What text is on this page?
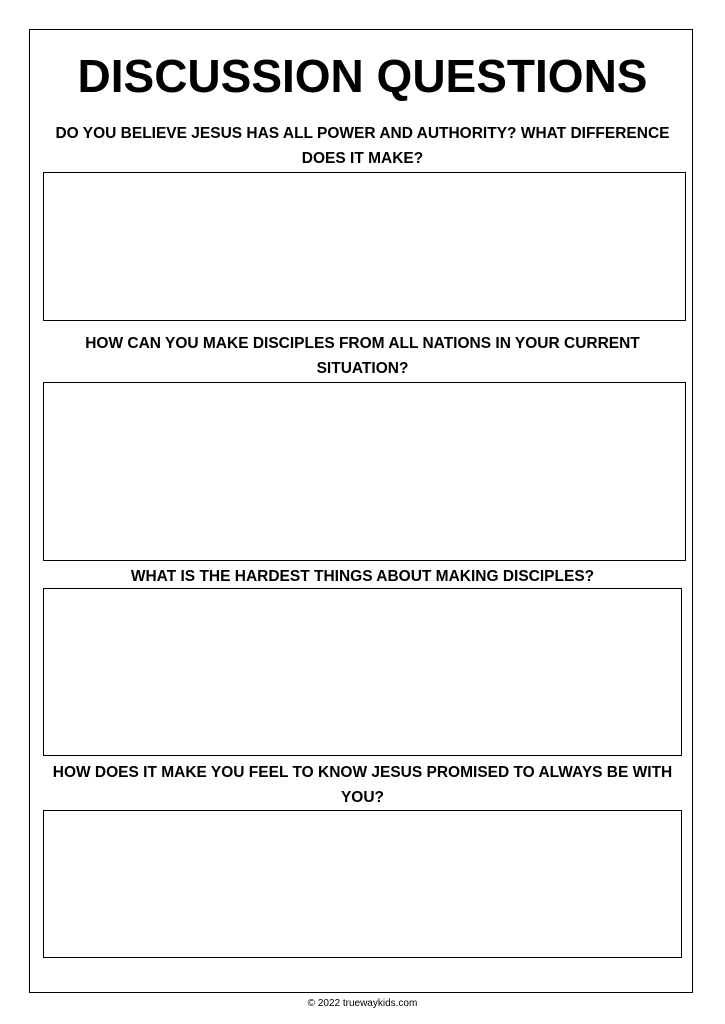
DISCUSSION QUESTIONS
DO YOU BELIEVE JESUS HAS ALL POWER AND AUTHORITY? WHAT DIFFERENCE DOES IT MAKE?
HOW CAN YOU MAKE DISCIPLES FROM ALL NATIONS IN YOUR CURRENT SITUATION?
WHAT IS THE HARDEST THINGS ABOUT MAKING DISCIPLES?
HOW DOES IT MAKE YOU FEEL TO KNOW JESUS PROMISED TO ALWAYS BE WITH YOU?
© 2022 truewaykids.com
